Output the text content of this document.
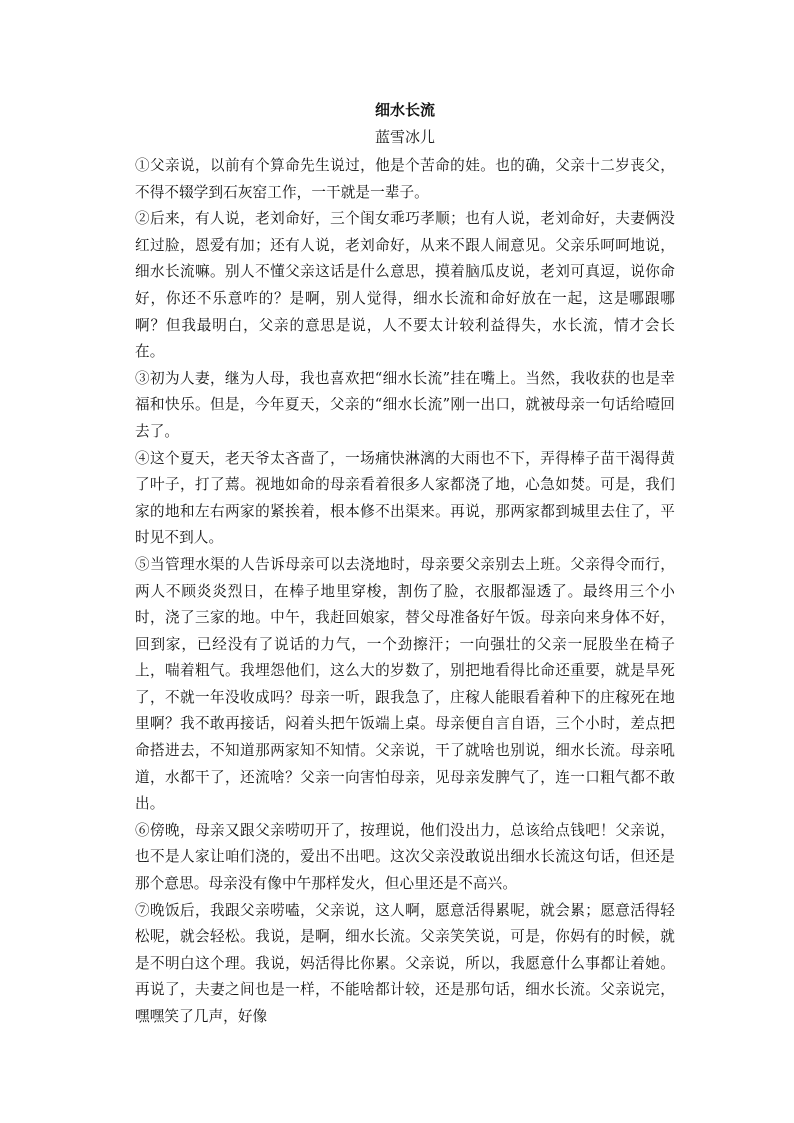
细水长流

蓝雪冰儿

①父亲说，以前有个算命先生说过，他是个苦命的娃。也的确，父亲十二岁丧父，不得不辍学到石灰窑工作，一干就是一辈子。

②后来，有人说，老刘命好，三个闺女乖巧孝顺；也有人说，老刘命好，夫妻俩没红过脸，恩爱有加；还有人说，老刘命好，从来不跟人闹意见。父亲乐呵呵地说，细水长流嘛。别人不懂父亲这话是什么意思，摸着脑瓜皮说，老刘可真逗，说你命好，你还不乐意咋的？是啊，别人觉得，细水长流和命好放在一起，这是哪跟哪啊？但我最明白，父亲的意思是说，人不要太计较利益得失，水长流，情才会长在。

③初为人妻，继为人母，我也喜欢把“细水长流”挂在嘴上。当然，我收获的也是幸福和快乐。但是，今年夏天，父亲的“细水长流”刚一出口，就被母亲一句话给噎回去了。

④这个夏天，老天爷太吝啬了，一场痛快淋漓的大雨也不下，弄得棒子苗干渴得黄了叶子，打了蔫。视地如命的母亲看着很多人家都浇了地，心急如焚。可是，我们家的地和左右两家的紧挨着，根本修不出渠来。再说，那两家都到城里去住了，平时见不到人。

⑤当管理水渠的人告诉母亲可以去浇地时，母亲要父亲别去上班。父亲得令而行，两人不顾炎炎烈日，在棒子地里穿梭，割伤了脸，衣服都湿透了。最终用三个小时，浇了三家的地。中午，我赶回娘家，替父母准备好午饭。母亲向来身体不好，回到家，已经没有了说话的力气，一个劲擦汗；一向强壮的父亲一屁股坐在椅子上，喘着粗气。我埋怨他们，这么大的岁数了，别把地看得比命还重要，就是旱死了，不就一年没收成吗？母亲一听，跟我急了，庄稼人能眼看着种下的庄稼死在地里啊？我不敢再接话，闷着头把午饭端上桌。母亲便自言自语，三个小时，差点把命搭进去，不知道那两家知不知情。父亲说，干了就啥也别说，细水长流。母亲吼道，水都干了，还流啥？父亲一向害怕母亲，见母亲发脾气了，连一口粗气都不敢出。

⑥傍晚，母亲又跟父亲唠叨开了，按理说，他们没出力，总该给点钱吧！父亲说，也不是人家让咱们浇的，爱出不出吧。这次父亲没敢说出细水长流这句话，但还是那个意思。母亲没有像中午那样发火，但心里还是不高兴。

⑦晚饭后，我跟父亲唠嗑，父亲说，这人啊，愿意活得累呢，就会累；愿意活得轻松呢，就会轻松。我说，是啊，细水长流。父亲笑笑说，可是，你妈有的时候，就是不明白这个理。我说，妈活得比你累。父亲说，所以，我愿意什么事都让着她。再说了，夫妻之间也是一样，不能啥都计较，还是那句话，细水长流。父亲说完，嘿嘿笑了几声，好像
